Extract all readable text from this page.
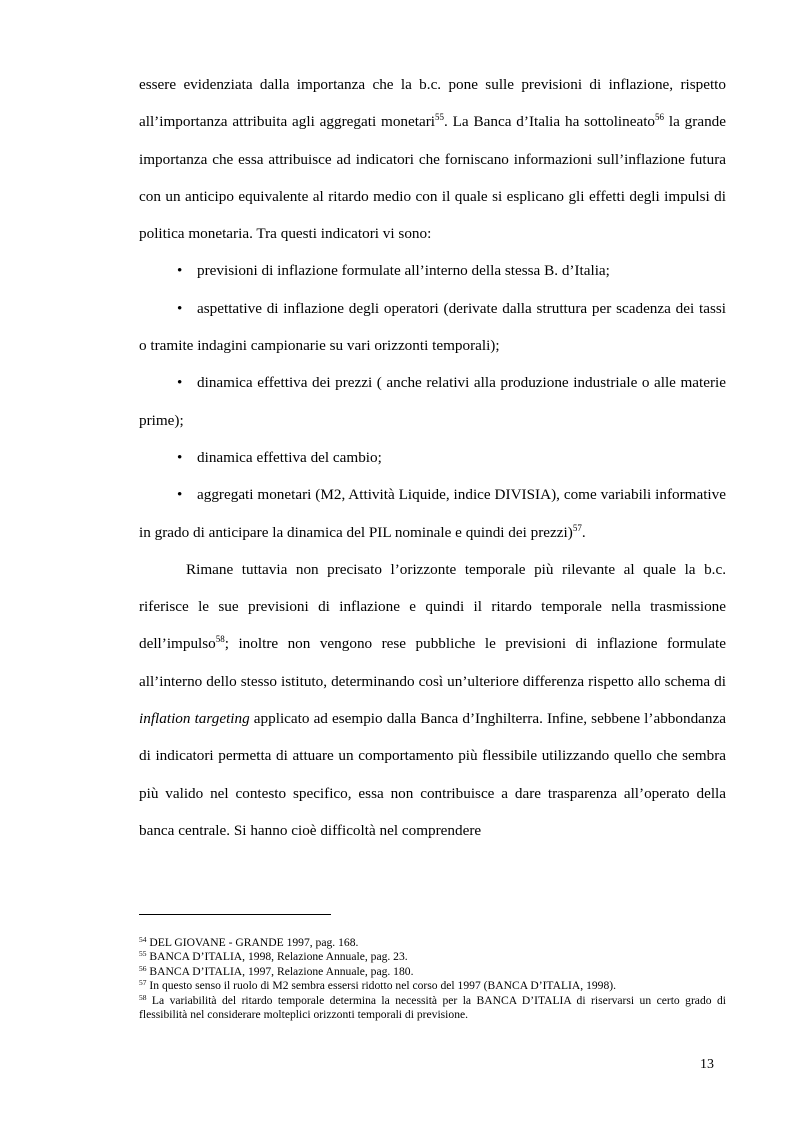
essere evidenziata dalla importanza che la b.c. pone sulle previsioni di inflazione, rispetto all’importanza attribuita agli aggregati monetari$^{55}$. La Banca d’Italia ha sottolineato$^{56}$ la grande importanza che essa attribuisce ad indicatori che forniscano informazioni sull’inflazione futura con un anticipo equivalente al ritardo medio con il quale si esplicano gli effetti degli impulsi di politica monetaria. Tra questi indicatori vi sono:

• previsioni di inflazione formulate all’interno della stessa B. d’Italia;

• aspettative di inflazione degli operatori (derivate dalla struttura per scadenza dei tassi o tramite indagini campionarie su vari orizzonti temporali);

• dinamica effettiva dei prezzi ( anche relativi alla produzione industriale o alle materie prime);

• dinamica effettiva del cambio;

• aggregati monetari (M2, Attività Liquide, indice DIVISIA), come variabili informative in grado di anticipare la dinamica del PIL nominale e quindi dei prezzi)$^{57}$.

Rimane tuttavia non precisato l’orizzonte temporale più rilevante al quale la b.c. riferisce le sue previsioni di inflazione e quindi il ritardo temporale nella trasmissione dell’impulso$^{58}$; inoltre non vengono rese pubbliche le previsioni di inflazione formulate all’interno dello stesso istituto, determinando così un’ulteriore differenza rispetto allo schema di inflation targeting applicato ad esempio dalla Banca d’Inghilterra. Infine, sebbene l’abbondanza di indicatori permetta di attuare un comportamento più flessibile utilizzando quello che sembra più valido nel contesto specifico, essa non contribuisce a dare trasparenza all’operato della banca centrale. Si hanno cioè difficoltà nel comprendere

$^{54}$ DEL GIOVANE - GRANDE 1997, pag. 168.

$^{55}$ BANCA D’ITALIA, 1998, Relazione Annuale, pag. 23.

$^{56}$ BANCA D’ITALIA, 1997, Relazione Annuale, pag. 180.

$^{57}$ In questo senso il ruolo di M2 sembra essersi ridotto nel corso del 1997 (BANCA D’ITALIA, 1998).

$^{58}$ La variabilità del ritardo temporale determina la necessità per la BANCA D’ITALIA di riservarsi un certo grado di flessibilità nel considerare molteplici orizzonti temporali di previsione.

13
